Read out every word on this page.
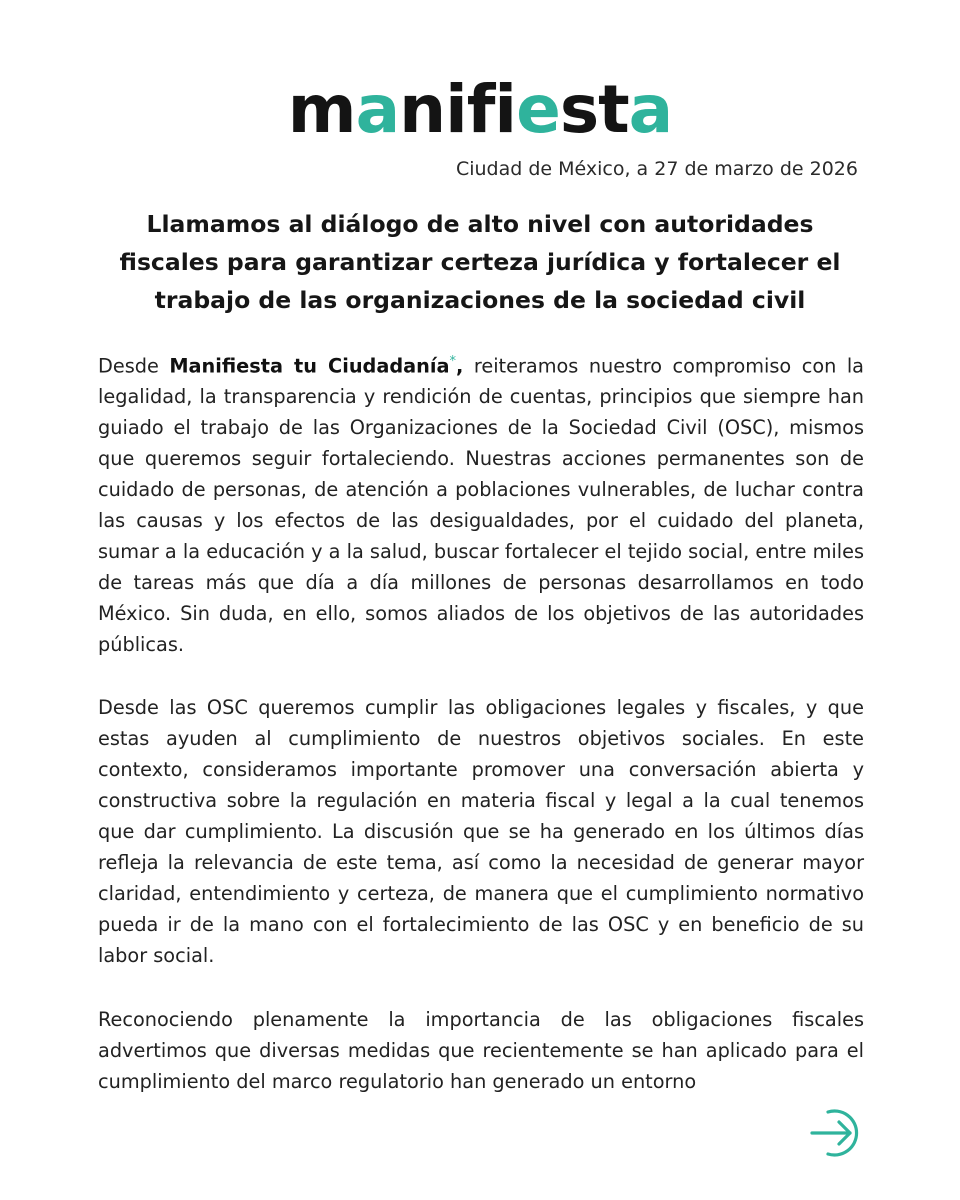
manifiesta
Ciudad de México, a 27 de marzo de 2026
Llamamos al diálogo de alto nivel con autoridades fiscales para garantizar certeza jurídica y fortalecer el trabajo de las organizaciones de la sociedad civil

Desde Manifiesta tu Ciudadanía*, reiteramos nuestro compromiso con la legalidad, la transparencia y rendición de cuentas, principios que siempre han guiado el trabajo de las Organizaciones de la Sociedad Civil (OSC), mismos que queremos seguir fortaleciendo. Nuestras acciones permanentes son de cuidado de personas, de atención a poblaciones vulnerables, de luchar contra las causas y los efectos de las desigualdades, por el cuidado del planeta, sumar a la educación y a la salud, buscar fortalecer el tejido social, entre miles de tareas más que día a día millones de personas desarrollamos en todo México. Sin duda, en ello, somos aliados de los objetivos de las autoridades públicas.

Desde las OSC queremos cumplir las obligaciones legales y fiscales, y que estas ayuden al cumplimiento de nuestros objetivos sociales. En este contexto, consideramos importante promover una conversación abierta y constructiva sobre la regulación en materia fiscal y legal a la cual tenemos que dar cumplimiento. La discusión que se ha generado en los últimos días refleja la relevancia de este tema, así como la necesidad de generar mayor claridad, entendimiento y certeza, de manera que el cumplimiento normativo pueda ir de la mano con el fortalecimiento de las OSC y en beneficio de su labor social.

Reconociendo plenamente la importancia de las obligaciones fiscales advertimos que diversas medidas que recientemente se han aplicado para el cumplimiento del marco regulatorio han generado un entorno
